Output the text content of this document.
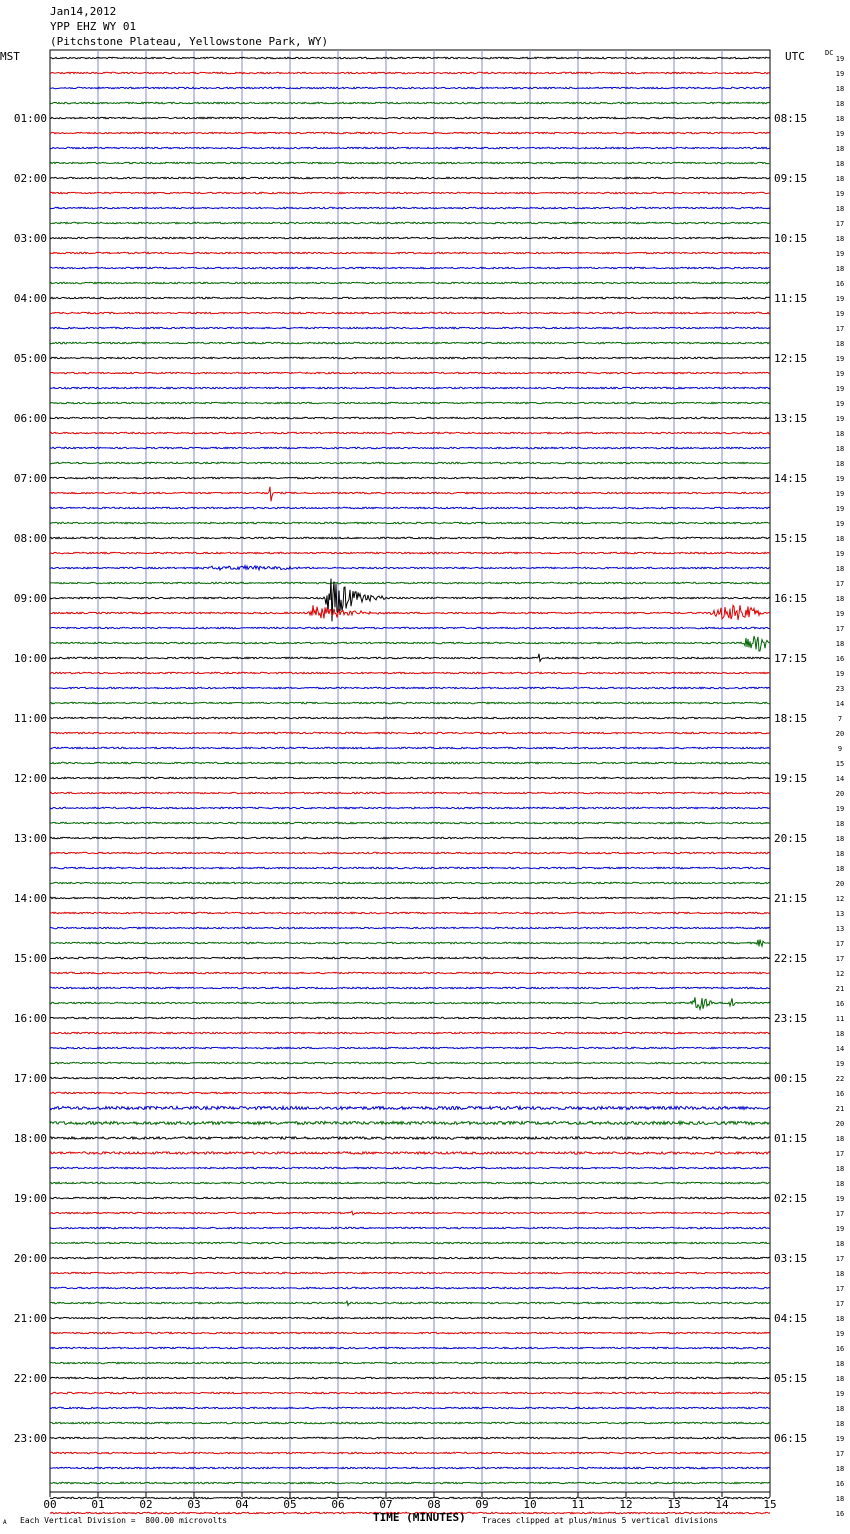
Jan14,2012
YPP EHZ WY 01
(Pitchstone Plateau, Yellowstone Park, WY)
MST	UTC	DC
00	01	02	03	04	05	06	07	08	09	10	11	12	13	14	15
19
19
18
18
18
19
18
18
18
19
18
17
18
19
18
16
19
19
17
18
19
19
19
19
19
18
18
18
19
19
19
19
18
19
18
17
18
19
17
18
16
19
23
14
7
20
9
15
14
20
19
18
18
18
18
20
12
13
13
17
17
12
21
16
11
18
14
19
22
16
21
20
18
17
18
18
19
17
19
18
17
18
17
17
18
19
16
18
18
19
18
18
19
17
18
16
18
16
01:00
02:00
03:00
04:00
05:00
06:00
07:00
08:00
09:00
10:00
11:00
12:00
13:00
14:00
15:00
16:00
17:00
18:00
19:00
20:00
21:00
22:00
23:00
08:15
09:15
10:15
11:15
12:15
13:15
14:15
15:15
16:15
17:15
18:15
19:15
20:15
21:15
22:15
23:15
00:15
01:15
02:15
03:15
04:15
05:15
06:15
TIME (MINUTES)
A Each Vertical Division =  800.00 microvolts	Traces clipped at plus/minus 5 vertical divisions
